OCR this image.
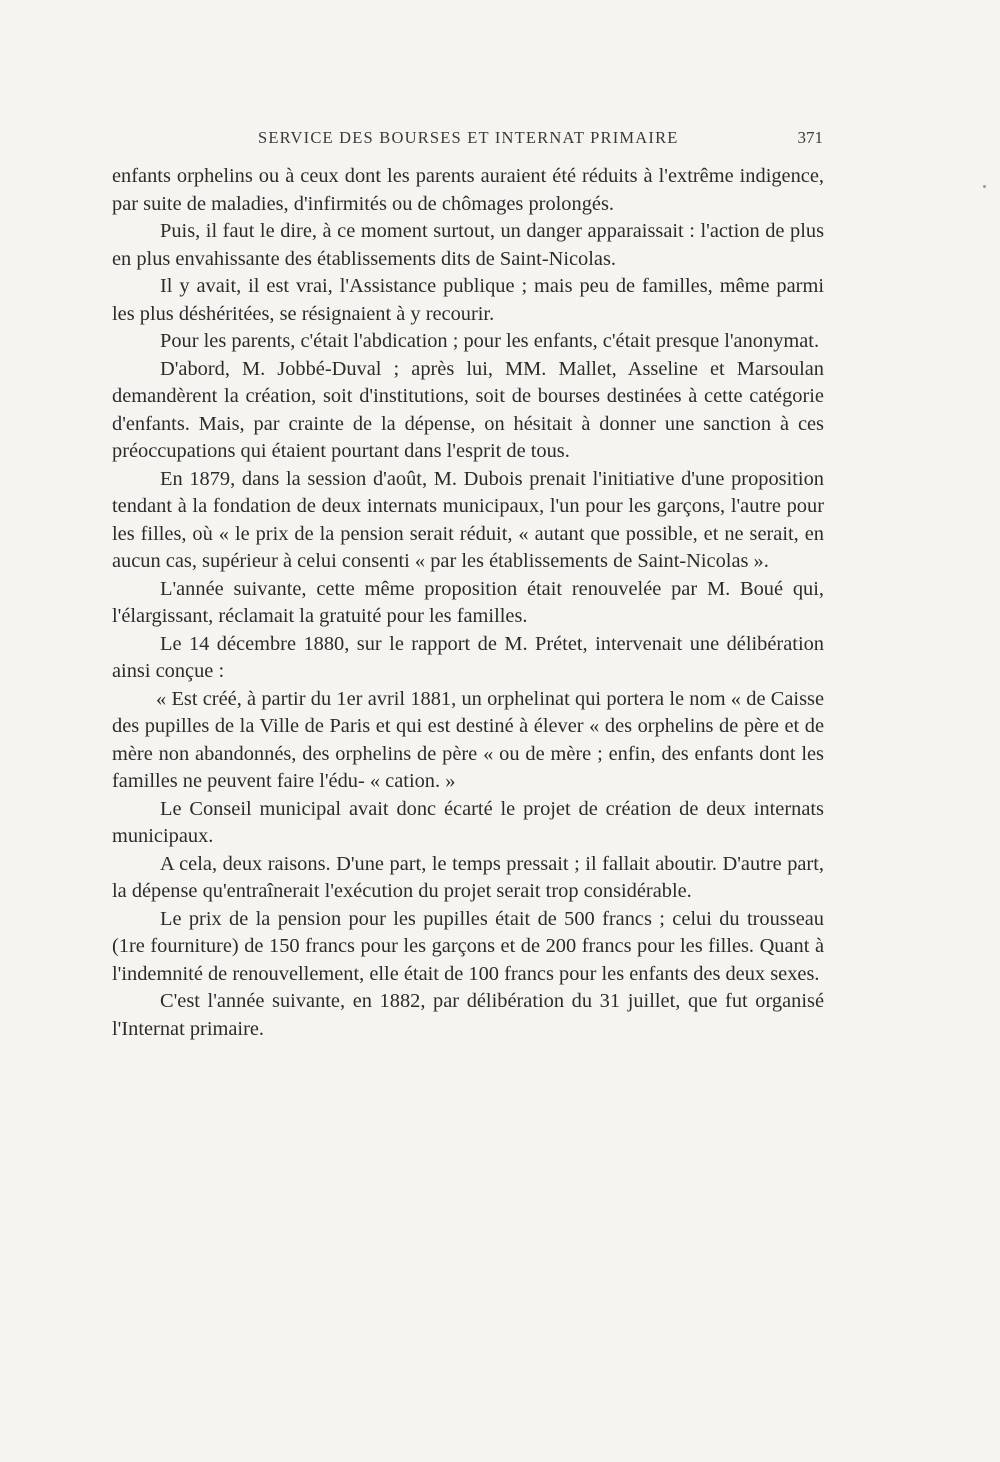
SERVICE DES BOURSES ET INTERNAT PRIMAIRE	371

enfants orphelins ou à ceux dont les parents auraient été réduits à l'extrême indigence, par suite de maladies, d'infirmités ou de chômages prolongés.

Puis, il faut le dire, à ce moment surtout, un danger apparaissait : l'action de plus en plus envahissante des établissements dits de Saint-Nicolas.

Il y avait, il est vrai, l'Assistance publique ; mais peu de familles, même parmi les plus déshéritées, se résignaient à y recourir.

Pour les parents, c'était l'abdication ; pour les enfants, c'était presque l'anonymat.

D'abord, M. Jobbé-Duval ; après lui, MM. Mallet, Asseline et Marsoulan demandèrent la création, soit d'institutions, soit de bourses destinées à cette catégorie d'enfants. Mais, par crainte de la dépense, on hésitait à donner une sanction à ces préoccupations qui étaient pourtant dans l'esprit de tous.

En 1879, dans la session d'août, M. Dubois prenait l'initiative d'une proposition tendant à la fondation de deux internats municipaux, l'un pour les garçons, l'autre pour les filles, où « le prix de la pension serait réduit, « autant que possible, et ne serait, en aucun cas, supérieur à celui consenti « par les établissements de Saint-Nicolas ».

L'année suivante, cette même proposition était renouvelée par M. Boué qui, l'élargissant, réclamait la gratuité pour les familles.

Le 14 décembre 1880, sur le rapport de M. Prétet, intervenait une délibération ainsi conçue :

« Est créé, à partir du 1er avril 1881, un orphelinat qui portera le nom « de Caisse des pupilles de la Ville de Paris et qui est destiné à élever « des orphelins de père et de mère non abandonnés, des orphelins de père « ou de mère ; enfin, des enfants dont les familles ne peuvent faire l'édu- « cation. »

Le Conseil municipal avait donc écarté le projet de création de deux internats municipaux.

A cela, deux raisons. D'une part, le temps pressait ; il fallait aboutir. D'autre part, la dépense qu'entraînerait l'exécution du projet serait trop considérable.

Le prix de la pension pour les pupilles était de 500 francs ; celui du trousseau (1re fourniture) de 150 francs pour les garçons et de 200 francs pour les filles. Quant à l'indemnité de renouvellement, elle était de 100 francs pour les enfants des deux sexes.

C'est l'année suivante, en 1882, par délibération du 31 juillet, que fut organisé l'Internat primaire.
